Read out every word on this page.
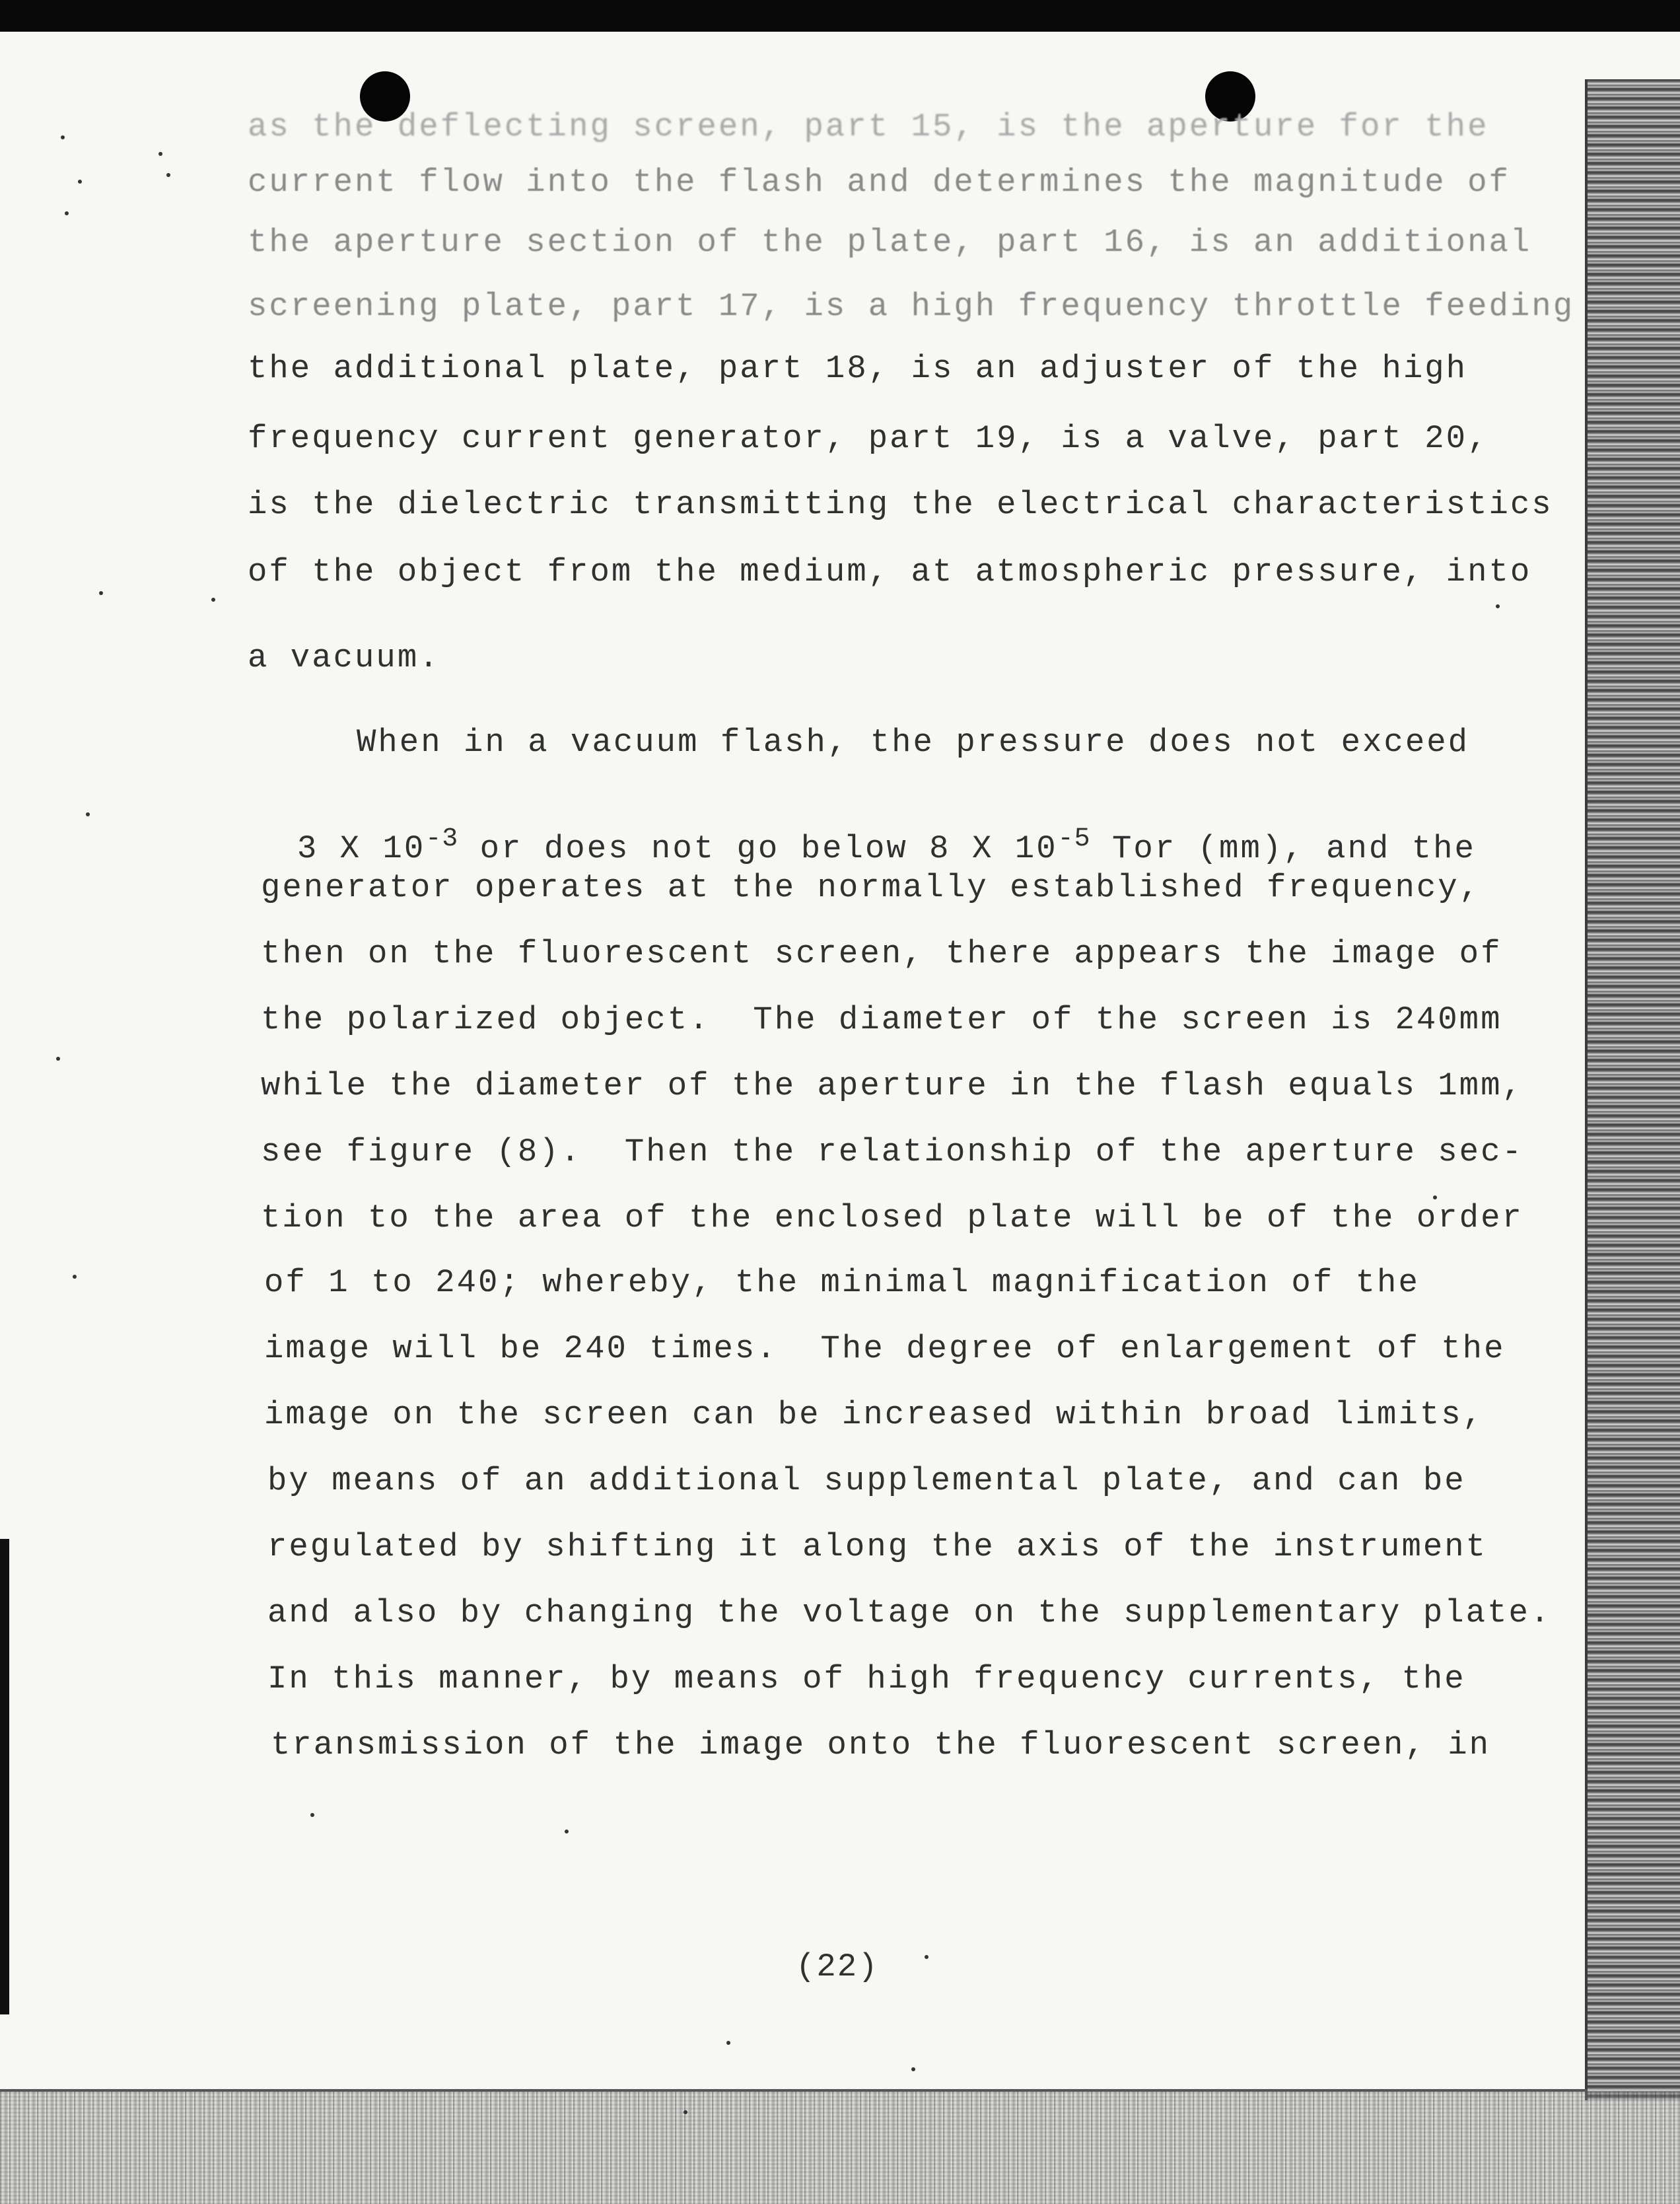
as the deflecting screen, part 15, is the aperture for the
current flow into the flash and determines the magnitude of
the aperture section of the plate, part 16, is an additional
screening plate, part 17, is a high frequency throttle feeding
the additional plate, part 18, is an adjuster of the high
frequency current generator, part 19, is a valve, part 20,
is the dielectric transmitting the electrical characteristics
of the object from the medium, at atmospheric pressure, into
a vacuum.
When in a vacuum flash, the pressure does not exceed

3 X $10^{-3}$ or does not go below 8 X $10^{-5}$ Tor (mm), and the

generator operates at the normally established frequency,
then on the fluorescent screen, there appears the image of
the polarized object.  The diameter of the screen is 240mm
while the diameter of the aperture in the flash equals 1mm,
see figure (8).  Then the relationship of the aperture sec-
tion to the area of the enclosed plate will be of the order
of 1 to 240; whereby, the minimal magnification of the
image will be 240 times.  The degree of enlargement of the
image on the screen can be increased within broad limits,
by means of an additional supplemental plate, and can be
regulated by shifting it along the axis of the instrument
and also by changing the voltage on the supplementary plate.
In this manner, by means of high frequency currents, the
transmission of the image onto the fluorescent screen, in
(22)
